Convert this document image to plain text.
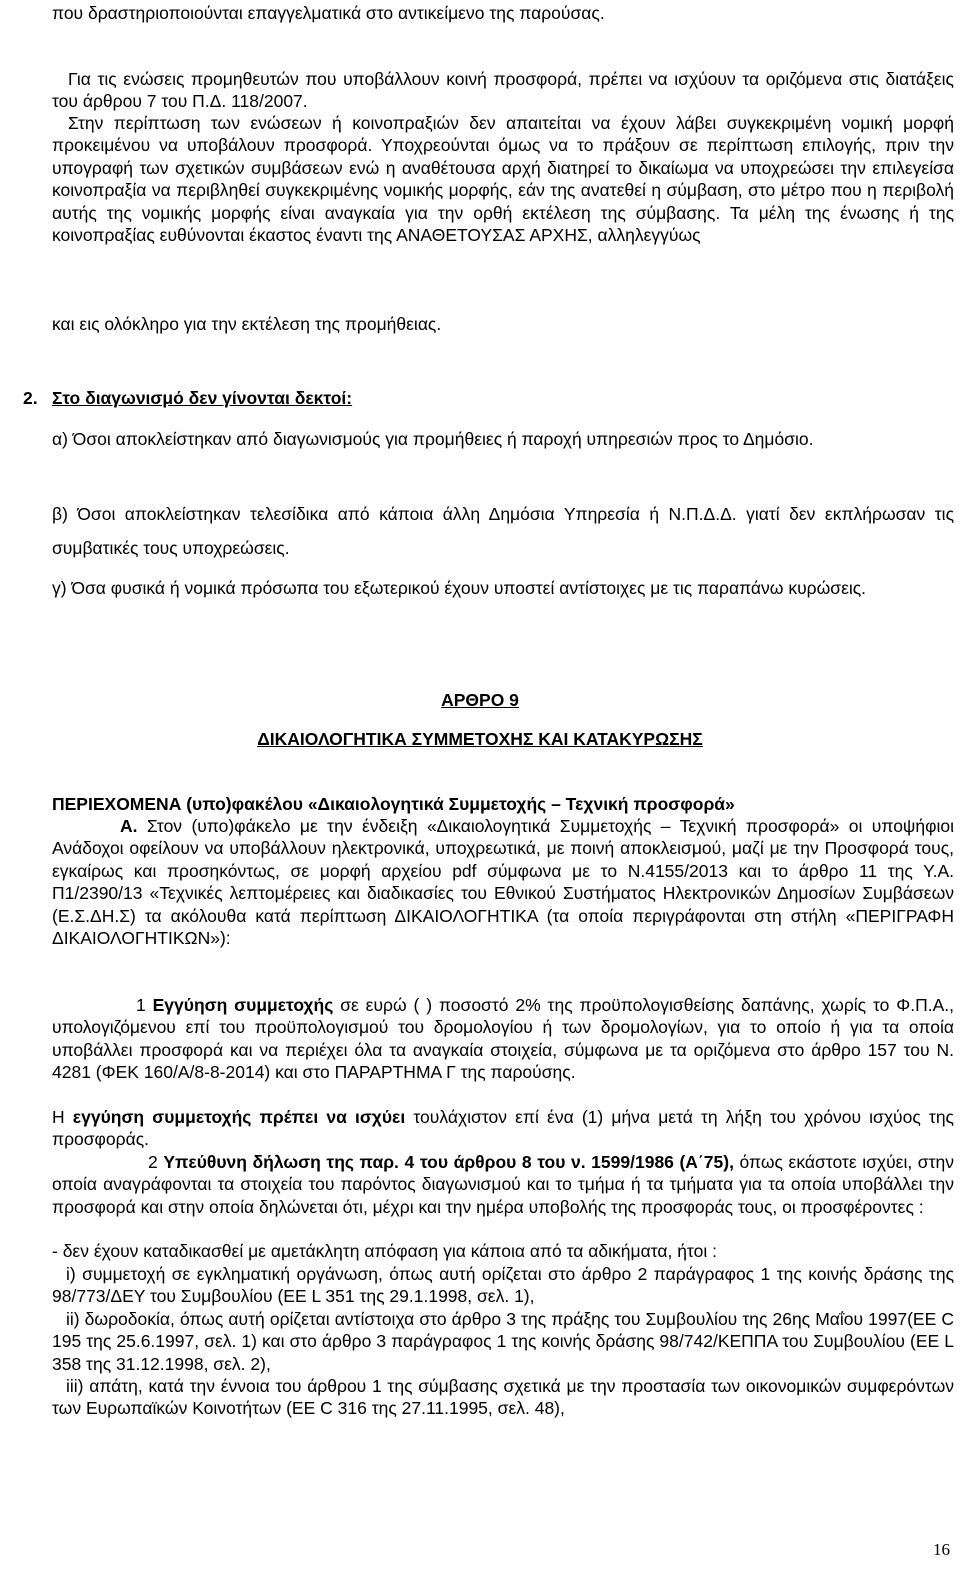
που δραστηριοποιούνται επαγγελματικά στο αντικείμενο της παρούσας.

Για τις ενώσεις προμηθευτών που υποβάλλουν κοινή προσφορά, πρέπει να ισχύουν τα οριζόμενα στις διατάξεις του άρθρου 7 του Π.Δ. 118/2007.

Στην περίπτωση των ενώσεων ή κοινοπραξιών δεν απαιτείται να έχουν λάβει συγκεκριμένη νομική μορφή προκειμένου να υποβάλουν προσφορά. Υποχρεούνται όμως να το πράξουν σε περίπτωση επιλογής, πριν την υπογραφή των σχετικών συμβάσεων ενώ η αναθέτουσα αρχή διατηρεί το δικαίωμα να υποχρεώσει την επιλεγείσα κοινοπραξία να περιβληθεί συγκεκριμένης νομικής μορφής, εάν της ανατεθεί η σύμβαση, στο μέτρο που η περιβολή αυτής της νομικής μορφής είναι αναγκαία για την ορθή εκτέλεση της σύμβασης. Τα μέλη της ένωσης ή της κοινοπραξίας ευθύνονται έκαστος έναντι της ΑΝΑΘΕΤΟΥΣΑΣ ΑΡΧΗΣ, αλληλεγγύως

και εις ολόκληρο για την εκτέλεση της προμήθειας.

2. Στο διαγωνισμό δεν γίνονται δεκτοί:

α) Όσοι αποκλείστηκαν από διαγωνισμούς για προμήθειες ή παροχή υπηρεσιών προς το Δημόσιο.

β) Όσοι αποκλείστηκαν τελεσίδικα από κάποια άλλη Δημόσια Υπηρεσία ή Ν.Π.Δ.Δ. γιατί δεν εκπλήρωσαν τις συμβατικές τους υποχρεώσεις.

γ) Όσα φυσικά ή νομικά πρόσωπα του εξωτερικού έχουν υποστεί αντίστοιχες με τις παραπάνω κυρώσεις.

ΑΡΘΡΟ 9
ΔΙΚΑΙΟΛΟΓΗΤΙΚΑ ΣΥΜΜΕΤΟΧΗΣ ΚΑΙ ΚΑΤΑΚΥΡΩΣΗΣ
ΠΕΡΙΕΧΟΜΕΝΑ (υπο)φακέλου «Δικαιολογητικά Συμμετοχής – Τεχνική προσφορά»

Α. Στον (υπο)φάκελο με την ένδειξη «Δικαιολογητικά Συμμετοχής – Τεχνική προσφορά» οι υποψήφιοι Ανάδοχοι οφείλουν να υποβάλλουν ηλεκτρονικά, υποχρεωτικά, με ποινή αποκλεισμού, μαζί με την Προσφορά τους, εγκαίρως και προσηκόντως, σε μορφή αρχείου pdf σύμφωνα με το Ν.4155/2013 και το άρθρο 11 της Υ.Α. Π1/2390/13 «Τεχνικές λεπτομέρειες και διαδικασίες του Εθνικού Συστήματος Ηλεκτρονικών Δημοσίων Συμβάσεων (Ε.Σ.ΔΗ.Σ) τα ακόλουθα κατά περίπτωση ΔΙΚΑΙΟΛΟΓΗΤΙΚΑ (τα οποία περιγράφονται στη στήλη «ΠΕΡΙΓΡΑΦΗ ΔΙΚΑΙΟΛΟΓΗΤΙΚΩΝ»):

1 Εγγύηση συμμετοχής σε ευρώ ( ) ποσοστό 2% της προϋπολογισθείσης δαπάνης, χωρίς το Φ.Π.Α., υπολογιζόμενου επί του προϋπολογισμού του δρομολογίου ή των δρομολογίων, για το οποίο ή για τα οποία υποβάλλει προσφορά και να περιέχει όλα τα αναγκαία στοιχεία, σύμφωνα με τα οριζόμενα στο άρθρο 157 του Ν. 4281 (ΦΕΚ 160/Α/8-8-2014) και στο ΠΑΡΑΡΤΗΜΑ Γ της παρούσης.

Η εγγύηση συμμετοχής πρέπει να ισχύει τουλάχιστον επί ένα (1) μήνα μετά τη λήξη του χρόνου ισχύος της προσφοράς.

2 Υπεύθυνη δήλωση της παρ. 4 του άρθρου 8 του ν. 1599/1986 (Α΄75), όπως εκάστοτε ισχύει, στην οποία αναγράφονται τα στοιχεία του παρόντος διαγωνισμού και το τμήμα ή τα τμήματα για τα οποία υποβάλλει την προσφορά και στην οποία δηλώνεται ότι, μέχρι και την ημέρα υποβολής της προσφοράς τους, οι προσφέροντες :

- δεν έχουν καταδικασθεί με αμετάκλητη απόφαση για κάποια από τα αδικήματα, ήτοι :

i) συμμετοχή σε εγκληματική οργάνωση, όπως αυτή ορίζεται στο άρθρο 2 παράγραφος 1 της κοινής δράσης της 98/773/ΔΕΥ του Συμβουλίου (ΕΕ L 351 της 29.1.1998, σελ. 1),

ii) δωροδοκία, όπως αυτή ορίζεται αντίστοιχα στο άρθρο 3 της πράξης του Συμβουλίου της 26ης Μαΐου 1997(ΕΕ C 195 της 25.6.1997, σελ. 1) και στο άρθρο 3 παράγραφος 1 της κοινής δράσης 98/742/ΚΕΠΠΑ του Συμβουλίου (ΕΕ L 358 της 31.12.1998, σελ. 2),

iii) απάτη, κατά την έννοια του άρθρου 1 της σύμβασης σχετικά με την προστασία των οικονομικών συμφερόντων των Ευρωπαϊκών Κοινοτήτων (ΕΕ C 316 της 27.11.1995, σελ. 48),

16
